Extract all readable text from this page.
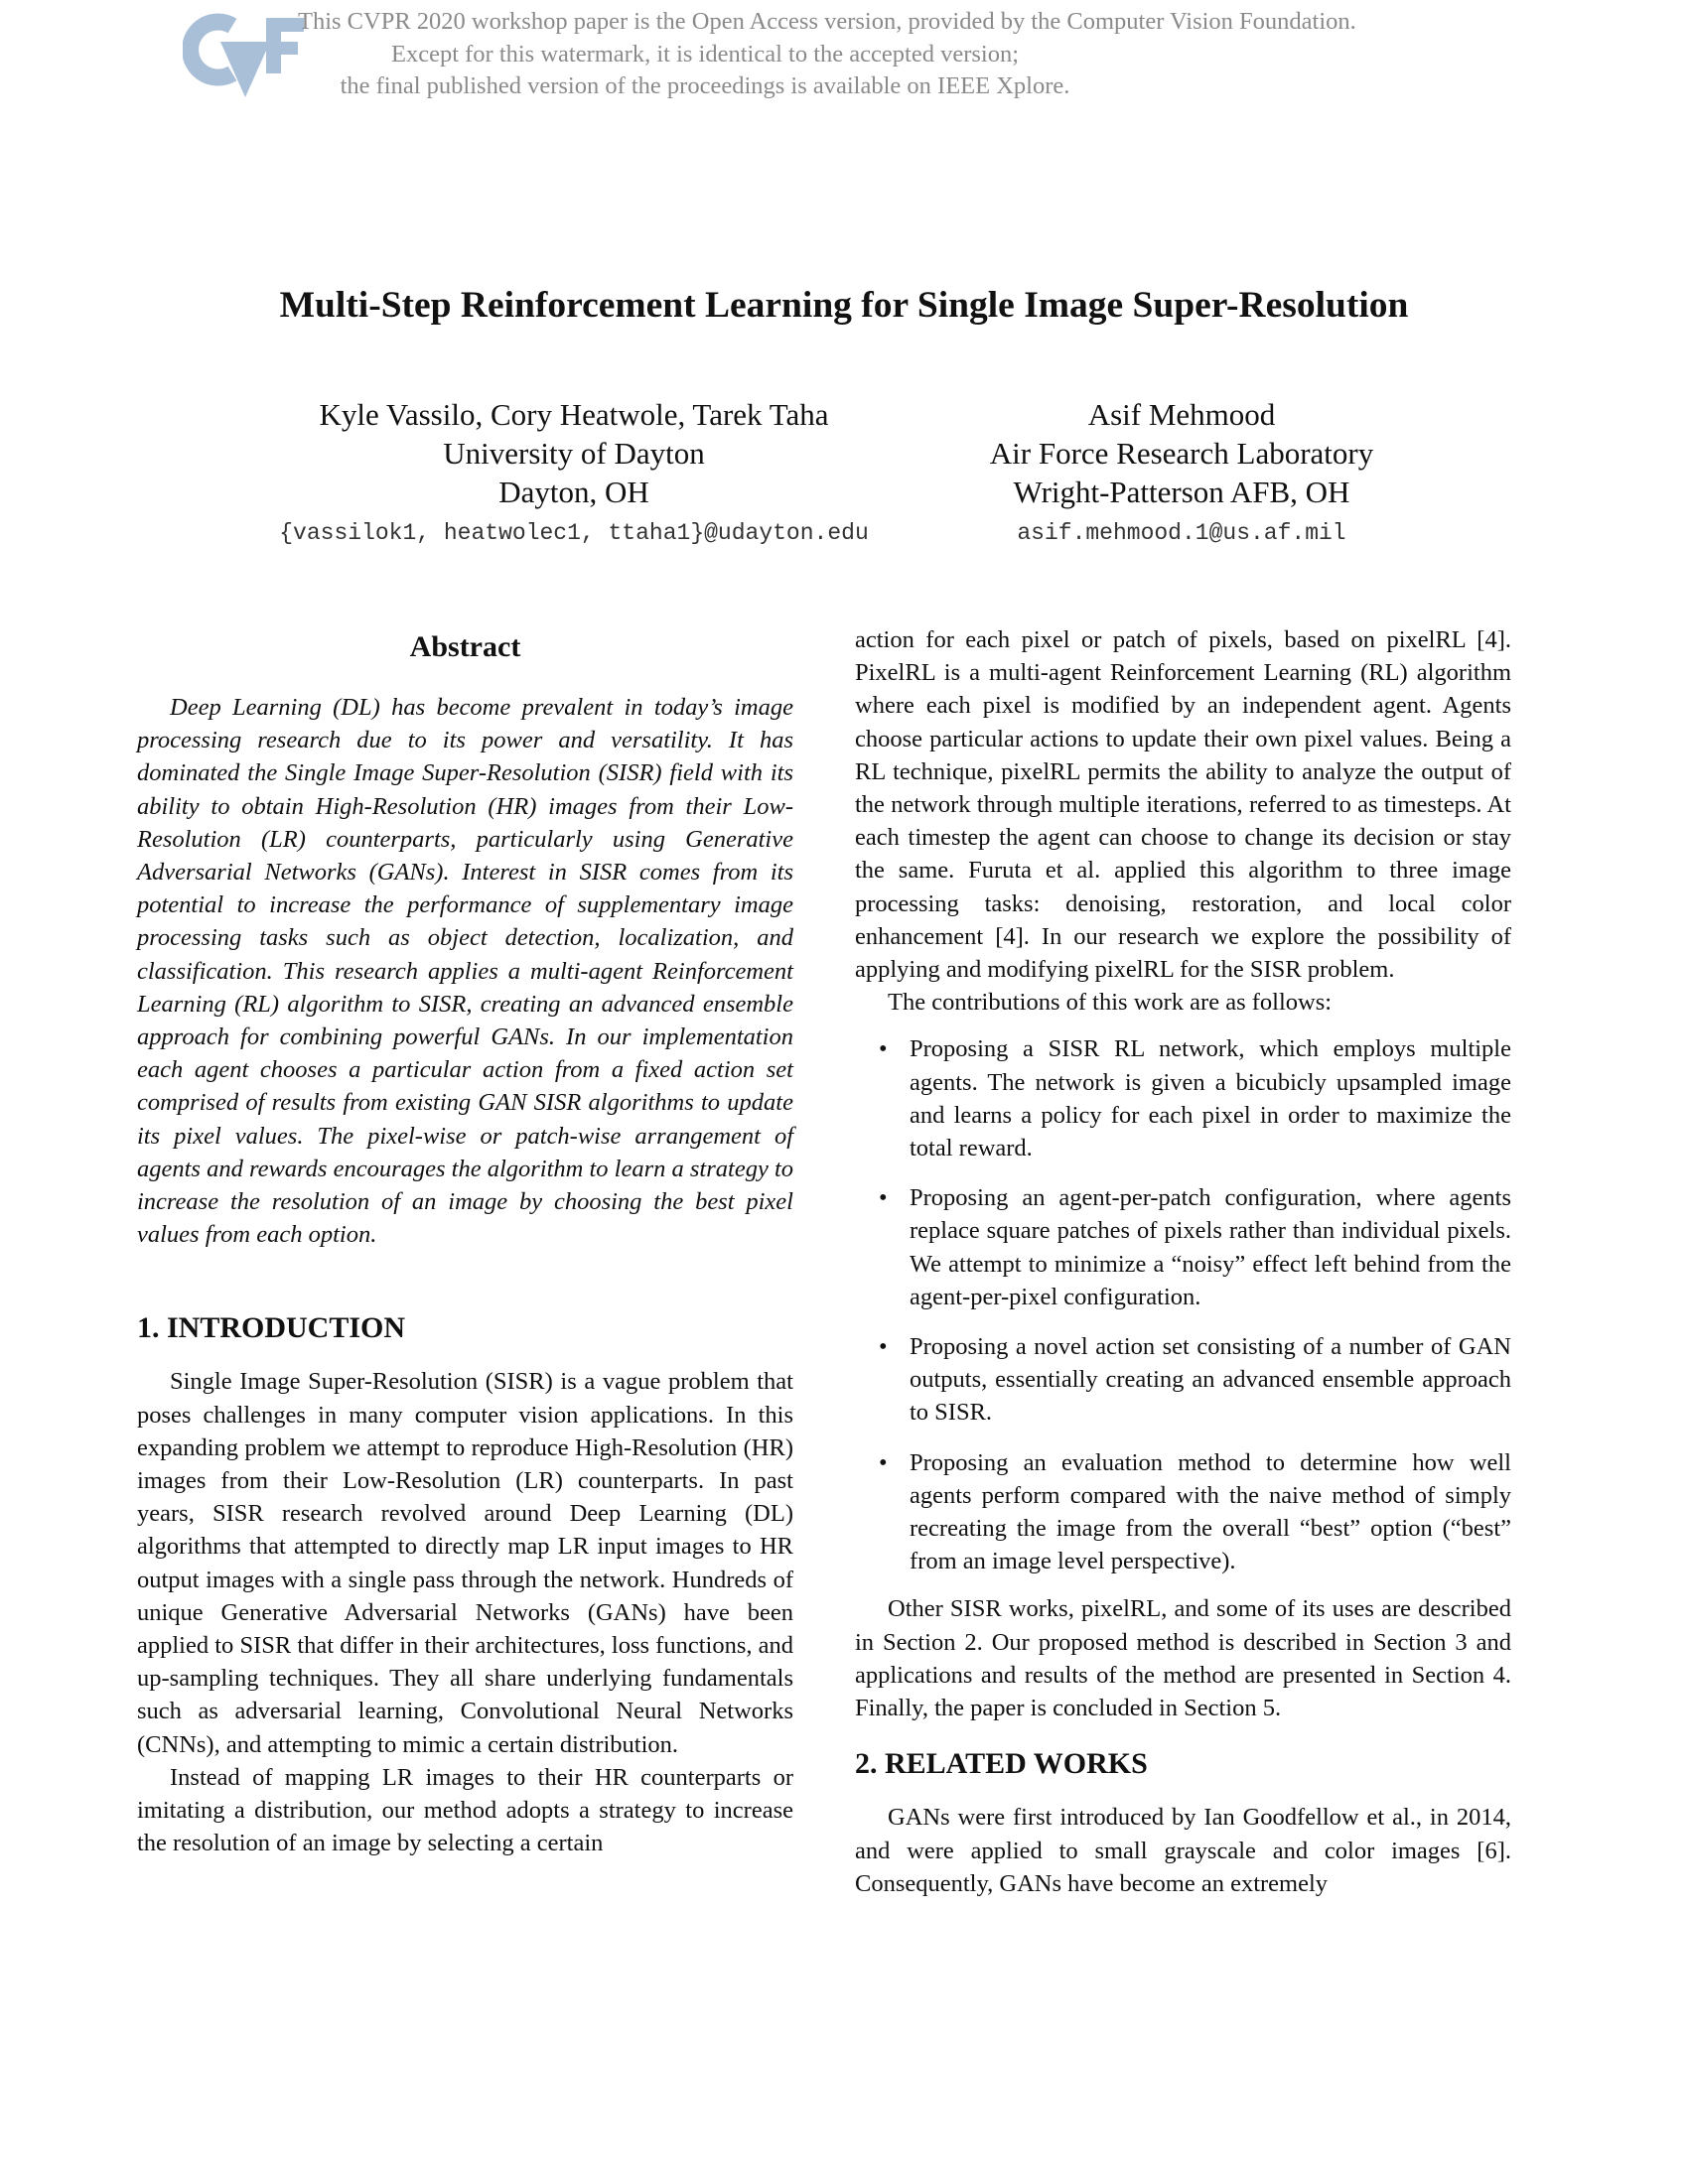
This CVPR 2020 workshop paper is the Open Access version, provided by the Computer Vision Foundation.
Except for this watermark, it is identical to the accepted version;
the final published version of the proceedings is available on IEEE Xplore.
Multi-Step Reinforcement Learning for Single Image Super-Resolution
Kyle Vassilo, Cory Heatwole, Tarek Taha
University of Dayton
Dayton, OH
{vassilok1, heatwolec1, ttaha1}@udayton.edu
Asif Mehmood
Air Force Research Laboratory
Wright-Patterson AFB, OH
asif.mehmood.1@us.af.mil
Abstract

Deep Learning (DL) has become prevalent in today’s image processing research due to its power and versatility. It has dominated the Single Image Super-Resolution (SISR) field with its ability to obtain High-Resolution (HR) images from their Low-Resolution (LR) counterparts, particularly using Generative Adversarial Networks (GANs). Interest in SISR comes from its potential to increase the performance of supplementary image processing tasks such as object detection, localization, and classification. This research applies a multi-agent Reinforcement Learning (RL) algorithm to SISR, creating an advanced ensemble approach for combining powerful GANs. In our implementation each agent chooses a particular action from a fixed action set comprised of results from existing GAN SISR algorithms to update its pixel values. The pixel-wise or patch-wise arrangement of agents and rewards encourages the algorithm to learn a strategy to increase the resolution of an image by choosing the best pixel values from each option.

1. INTRODUCTION

Single Image Super-Resolution (SISR) is a vague problem that poses challenges in many computer vision applications. In this expanding problem we attempt to reproduce High-Resolution (HR) images from their Low-Resolution (LR) counterparts. In past years, SISR research revolved around Deep Learning (DL) algorithms that attempted to directly map LR input images to HR output images with a single pass through the network. Hundreds of unique Generative Adversarial Networks (GANs) have been applied to SISR that differ in their architectures, loss functions, and up-sampling techniques. They all share underlying fundamentals such as adversarial learning, Convolutional Neural Networks (CNNs), and attempting to mimic a certain distribution.

Instead of mapping LR images to their HR counterparts or imitating a distribution, our method adopts a strategy to increase the resolution of an image by selecting a certain

action for each pixel or patch of pixels, based on pixelRL [4]. PixelRL is a multi-agent Reinforcement Learning (RL) algorithm where each pixel is modified by an independent agent. Agents choose particular actions to update their own pixel values. Being a RL technique, pixelRL permits the ability to analyze the output of the network through multiple iterations, referred to as timesteps. At each timestep the agent can choose to change its decision or stay the same. Furuta et al. applied this algorithm to three image processing tasks: denoising, restoration, and local color enhancement [4]. In our research we explore the possibility of applying and modifying pixelRL for the SISR problem.

The contributions of this work are as follows:

• Proposing a SISR RL network, which employs multiple agents. The network is given a bicubicly upsampled image and learns a policy for each pixel in order to maximize the total reward.
• Proposing an agent-per-patch configuration, where agents replace square patches of pixels rather than individual pixels. We attempt to minimize a “noisy” effect left behind from the agent-per-pixel configuration.
• Proposing a novel action set consisting of a number of GAN outputs, essentially creating an advanced ensemble approach to SISR.
• Proposing an evaluation method to determine how well agents perform compared with the naive method of simply recreating the image from the overall “best” option (“best” from an image level perspective).

Other SISR works, pixelRL, and some of its uses are described in Section 2. Our proposed method is described in Section 3 and applications and results of the method are presented in Section 4. Finally, the paper is concluded in Section 5.

2. RELATED WORKS

GANs were first introduced by Ian Goodfellow et al., in 2014, and were applied to small grayscale and color images [6]. Consequently, GANs have become an extremely
